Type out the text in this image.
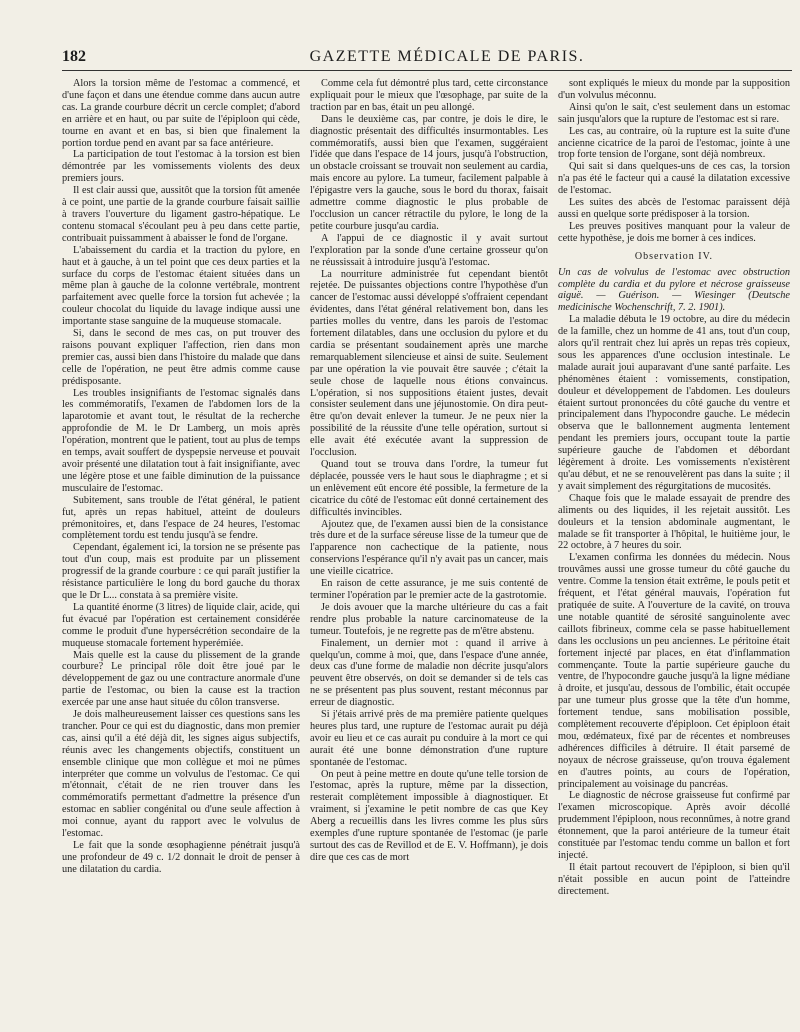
182	GAZETTE MÉDICALE DE PARIS.

Alors la torsion même de l'estomac a commencé, et d'une façon et dans une étendue comme dans aucun autre cas. La grande courbure décrit un cercle complet; d'abord en arrière et en haut, ou par suite de l'épiploon qui cède, tourne en avant et en bas, si bien que finalement la portion tordue pend en avant par sa face antérieure.

La participation de tout l'estomac à la torsion est bien démontrée par les vomissements violents des deux premiers jours.

Il est clair aussi que, aussitôt que la torsion fût amenée à ce point, une partie de la grande courbure faisait saillie à travers l'ouverture du ligament gastro-hépatique. Le contenu stomacal s'écoulant peu à peu dans cette partie, contribuait puissamment à abaisser le fond de l'organe.

L'abaissement du cardia et la traction du pylore, en haut et à gauche, à un tel point que ces deux parties et la surface du corps de l'estomac étaient situées dans un même plan à gauche de la colonne vertébrale, montrent parfaitement avec quelle force la torsion fut achevée ; la couleur chocolat du liquide du lavage indique aussi une importante stase sanguine de la muqueuse stomacale.

Si, dans le second de mes cas, on put trouver des raisons pouvant expliquer l'affection, rien dans mon premier cas, aussi bien dans l'histoire du malade que dans celle de l'opération, ne peut être admis comme cause prédisposante.

Les troubles insignifiants de l'estomac signalés dans les commémoratifs, l'examen de l'abdomen lors de la laparotomie et avant tout, le résultat de la recherche approfondie de M. le Dr Lamberg, un mois après l'opération, montrent que le patient, tout au plus de temps en temps, avait souffert de dyspepsie nerveuse et pouvait avoir présenté une dilatation tout à fait insignifiante, avec une légère ptose et une faible diminution de la puissance musculaire de l'estomac.

Subitement, sans trouble de l'état général, le patient fut, après un repas habituel, atteint de douleurs prémonitoires, et, dans l'espace de 24 heures, l'estomac complètement tordu est tendu jusqu'à se fendre.

Cependant, également ici, la torsion ne se présente pas tout d'un coup, mais est produite par un plissement progressif de la grande courbure : ce qui paraît justifier la résistance particulière le long du bord gauche du thorax que le Dr L... constata à sa première visite.

La quantité énorme (3 litres) de liquide clair, acide, qui fut évacué par l'opération est certainement considérée comme le produit d'une hypersécrétion secondaire de la muqueuse stomacale fortement hyperémiée.

Mais quelle est la cause du plissement de la grande courbure? Le principal rôle doit être joué par le développement de gaz ou une contracture anormale d'une partie de l'estomac, ou bien la cause est la traction exercée par une anse haut située du côlon transverse.

Je dois malheureusement laisser ces questions sans les trancher. Pour ce qui est du diagnostic, dans mon premier cas, ainsi qu'il a été déjà dit, les signes aigus subjectifs, réunis avec les changements objectifs, constituent un ensemble clinique que mon collègue et moi ne pûmes interpréter que comme un volvulus de l'estomac. Ce qui m'étonnait, c'était de ne rien trouver dans les commémoratifs permettant d'admettre la présence d'un estomac en sablier congénital ou d'une seule affection à moi connue, ayant du rapport avec le volvulus de l'estomac.

Le fait que la sonde œsophagienne pénétrait jusqu'à une profondeur de 49 c. 1/2 donnait le droit de penser à une dilatation du cardia.

Comme cela fut démontré plus tard, cette circonstance expliquait pour le mieux que l'œsophage, par suite de la traction par en bas, était un peu allongé.

Dans le deuxième cas, par contre, je dois le dire, le diagnostic présentait des difficultés insurmontables. Les commémoratifs, aussi bien que l'examen, suggéraient l'idée que dans l'espace de 14 jours, jusqu'à l'obstruction, un obstacle croissant se trouvait non seulement au cardia, mais encore au pylore. La tumeur, facilement palpable à l'épigastre vers la gauche, sous le bord du thorax, faisait admettre comme diagnostic le plus probable de l'occlusion un cancer rétractile du pylore, le long de la petite courbure jusqu'au cardia.

A l'appui de ce diagnostic il y avait surtout l'exploration par la sonde d'une certaine grosseur qu'on ne réussissait à introduire jusqu'à l'estomac.

La nourriture administrée fut cependant bientôt rejetée. De puissantes objections contre l'hypothèse d'un cancer de l'estomac aussi développé s'offraient cependant évidentes, dans l'état général relativement bon, dans les parties molles du ventre, dans les parois de l'estomac fortement dilatables, dans une occlusion du pylore et du cardia se présentant soudainement après une marche remarquablement silencieuse et ainsi de suite. Seulement par une opération la vie pouvait être sauvée ; c'était la seule chose de laquelle nous étions convaincus. L'opération, si nos suppositions étaient justes, devait consister seulement dans une jéjunostomie. On dira peut-être qu'on devait enlever la tumeur. Je ne peux nier la possibilité de la réussite d'une telle opération, surtout si elle avait été exécutée avant la suppression de l'occlusion.

Quand tout se trouva dans l'ordre, la tumeur fut déplacée, poussée vers le haut sous le diaphragme ; et si un enlèvement eût encore été possible, la fermeture de la cicatrice du côté de l'estomac eût donné certainement des difficultés invincibles.

Ajoutez que, de l'examen aussi bien de la consistance très dure et de la surface séreuse lisse de la tumeur que de l'apparence non cachectique de la patiente, nous conservions l'espérance qu'il n'y avait pas un cancer, mais une vieille cicatrice.

En raison de cette assurance, je me suis contenté de terminer l'opération par le premier acte de la gastrotomie.

Je dois avouer que la marche ultérieure du cas a fait rendre plus probable la nature carcinomateuse de la tumeur. Toutefois, je ne regrette pas de m'être abstenu.

Finalement, un dernier mot : quand il arrive à quelqu'un, comme à moi, que, dans l'espace d'une année, deux cas d'une forme de maladie non décrite jusqu'alors peuvent être observés, on doit se demander si de tels cas ne se présentent pas plus souvent, restant méconnus par erreur de diagnostic.

Si j'étais arrivé près de ma première patiente quelques heures plus tard, une rupture de l'estomac aurait pu déjà avoir eu lieu et ce cas aurait pu conduire à la mort ce qui aurait été une bonne démonstration d'une rupture spontanée de l'estomac.

On peut à peine mettre en doute qu'une telle torsion de l'estomac, après la rupture, même par la dissection, resterait complètement impossible à diagnostiquer. Et vraiment, si j'examine le petit nombre de cas que Key Aberg a recueillis dans les livres comme les plus sûrs exemples d'une rupture spontanée de l'estomac (je parle surtout des cas de Revillod et de E. V. Hoffmann), je dois dire que ces cas de mort

sont expliqués le mieux du monde par la supposition d'un volvulus méconnu.

Ainsi qu'on le sait, c'est seulement dans un estomac sain jusqu'alors que la rupture de l'estomac est si rare.

Les cas, au contraire, où la rupture est la suite d'une ancienne cicatrice de la paroi de l'estomac, jointe à une trop forte tension de l'organe, sont déjà nombreux.

Qui sait si dans quelques-uns de ces cas, la torsion n'a pas été le facteur qui a causé la dilatation excessive de l'estomac.

Les suites des abcès de l'estomac paraissent déjà aussi en quelque sorte prédisposer à la torsion.

Les preuves positives manquant pour la valeur de cette hypothèse, je dois me borner à ces indices.

Observation IV.

Un cas de volvulus de l'estomac avec obstruction complète du cardia et du pylore et nécrose graisseuse aiguë. — Guérison. — Wiesinger (Deutsche medicinische Wochenschrift, 7. 2. 1901).

La maladie débuta le 19 octobre, au dire du médecin de la famille, chez un homme de 41 ans, tout d'un coup, alors qu'il rentrait chez lui après un repas très copieux, sous les apparences d'une occlusion intestinale. Le malade aurait joui auparavant d'une santé parfaite. Les phénomènes étaient : vomissements, constipation, douleur et développement de l'abdomen. Les douleurs étaient surtout prononcées du côté gauche du ventre et principalement dans l'hypocondre gauche. Le médecin observa que le ballonnement augmenta lentement pendant les premiers jours, occupant toute la partie supérieure gauche de l'abdomen et débordant légèrement à droite. Les vomissements n'existèrent qu'au début, et ne se renouvelèrent pas dans la suite ; il y avait simplement des régurgitations de mucosités.

Chaque fois que le malade essayait de prendre des aliments ou des liquides, il les rejetait aussitôt. Les douleurs et la tension abdominale augmentant, le malade se fit transporter à l'hôpital, le huitième jour, le 22 octobre, à 7 heures du soir.

L'examen confirma les données du médecin. Nous trouvâmes aussi une grosse tumeur du côté gauche du ventre. Comme la tension était extrême, le pouls petit et fréquent, et l'état général mauvais, l'opération fut pratiquée de suite. A l'ouverture de la cavité, on trouva une notable quantité de sérosité sanguinolente avec caillots fibrineux, comme cela se passe habituellement dans les occlusions un peu anciennes. Le péritoine était fortement injecté par places, en état d'inflammation commençante. Toute la partie supérieure gauche du ventre, de l'hypocondre gauche jusqu'à la ligne médiane à droite, et jusqu'au, dessous de l'ombilic, était occupée par une tumeur plus grosse que la tête d'un homme, fortement tendue, sans mobilisation possible, complètement recouverte d'épiploon. Cet épiploon était mou, œdémateux, fixé par de récentes et nombreuses adhérences difficiles à détruire. Il était parsemé de noyaux de nécrose graisseuse, qu'on trouva également en d'autres points, au cours de l'opération, principalement au voisinage du pancréas.

Le diagnostic de nécrose graisseuse fut confirmé par l'examen microscopique. Après avoir décollé prudemment l'épiploon, nous reconnûmes, à notre grand étonnement, que la paroi antérieure de la tumeur était constituée par l'estomac tendu comme un ballon et fort injecté.

Il était partout recouvert de l'épiploon, si bien qu'il n'était possible en aucun point de l'atteindre directement.
